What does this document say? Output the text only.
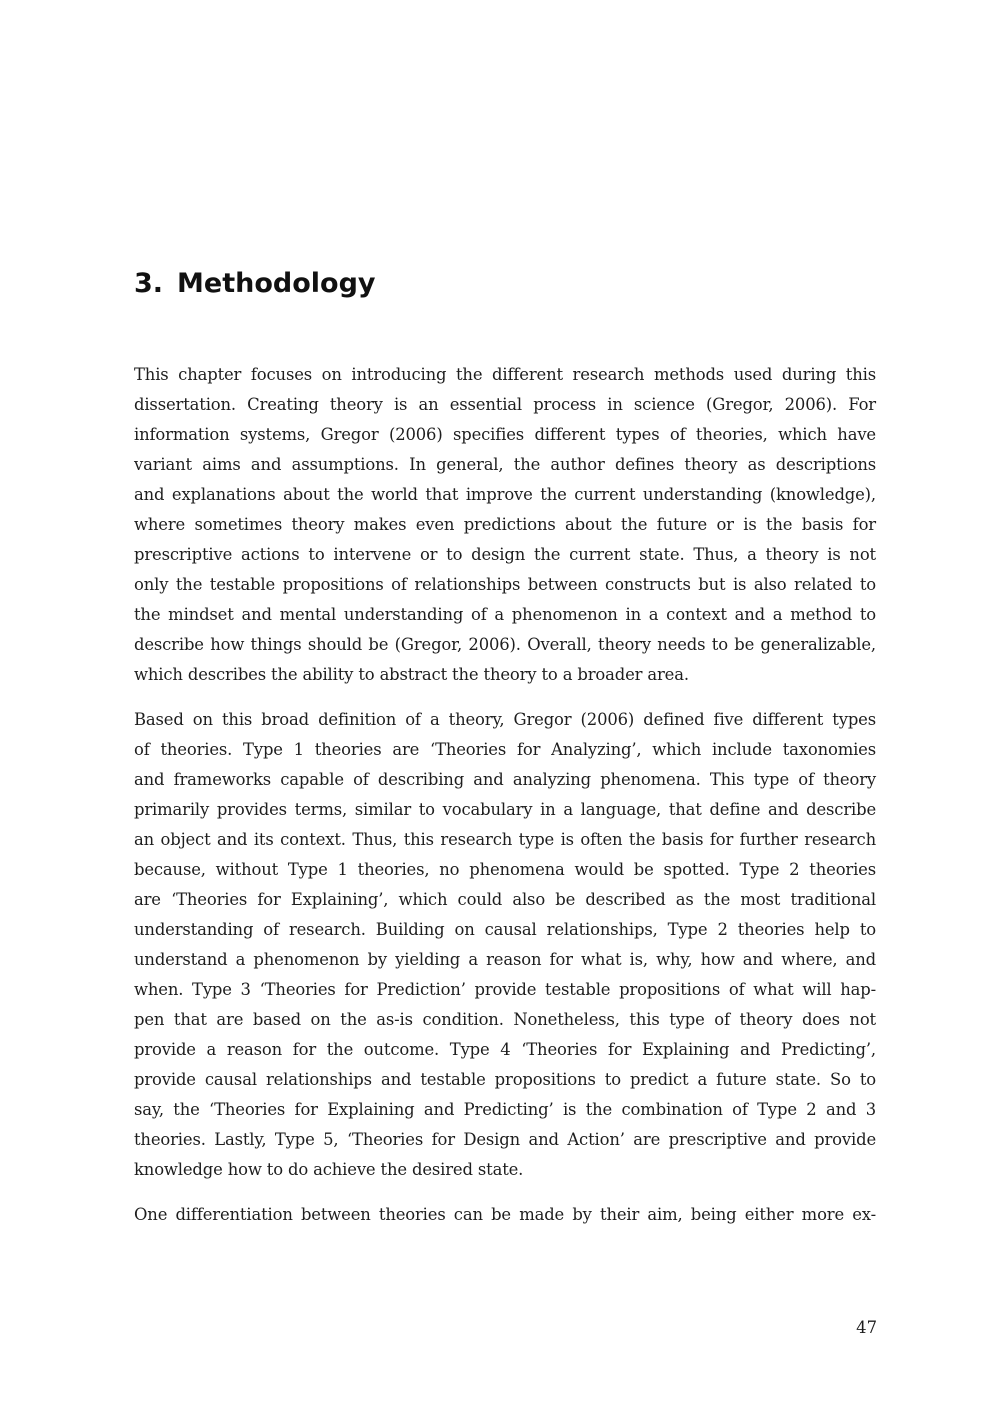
3. Methodology

This chapter focuses on introducing the different research methods used during this
dissertation. Creating theory is an essential process in science (Gregor, 2006). For
information systems, Gregor (2006) specifies different types of theories, which have
variant aims and assumptions. In general, the author defines theory as descriptions
and explanations about the world that improve the current understanding (knowledge),
where sometimes theory makes even predictions about the future or is the basis for
prescriptive actions to intervene or to design the current state. Thus, a theory is not
only the testable propositions of relationships between constructs but is also related to
the mindset and mental understanding of a phenomenon in a context and a method to
describe how things should be (Gregor, 2006). Overall, theory needs to be generalizable,
which describes the ability to abstract the theory to a broader area.

Based on this broad definition of a theory, Gregor (2006) defined five different types
of theories. Type 1 theories are ‘Theories for Analyzing’, which include taxonomies
and frameworks capable of describing and analyzing phenomena. This type of theory
primarily provides terms, similar to vocabulary in a language, that define and describe
an object and its context. Thus, this research type is often the basis for further research
because, without Type 1 theories, no phenomena would be spotted. Type 2 theories
are ‘Theories for Explaining’, which could also be described as the most traditional
understanding of research. Building on causal relationships, Type 2 theories help to
understand a phenomenon by yielding a reason for what is, why, how and where, and
when. Type 3 ‘Theories for Prediction’ provide testable propositions of what will hap-
pen that are based on the as-is condition. Nonetheless, this type of theory does not
provide a reason for the outcome. Type 4 ‘Theories for Explaining and Predicting’,
provide causal relationships and testable propositions to predict a future state. So to
say, the ‘Theories for Explaining and Predicting’ is the combination of Type 2 and 3
theories. Lastly, Type 5, ‘Theories for Design and Action’ are prescriptive and provide
knowledge how to do achieve the desired state.

One differentiation between theories can be made by their aim, being either more ex-

47
